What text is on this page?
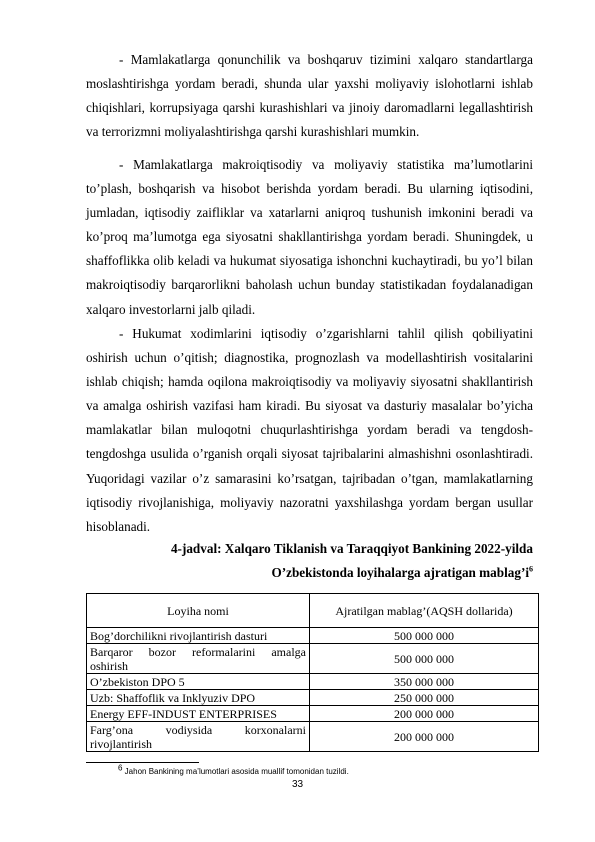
- Mamlakatlarga qonunchilik va boshqaruv tizimini xalqaro standartlarga moslashtirishga yordam beradi, shunda ular yaxshi moliyaviy islohotlarni ishlab chiqishlari, korrupsiyaga qarshi kurashishlari va jinoiy daromadlarni legallashtirish va terrorizmni moliyalashtirishga qarshi kurashishlari mumkin.

- Mamlakatlarga makroiqtisodiy va moliyaviy statistika ma’lumotlarini to’plash, boshqarish va hisobot berishda yordam beradi. Bu ularning iqtisodini, jumladan, iqtisodiy zaifliklar va xatarlarni aniqroq tushunish imkonini beradi va ko’proq ma’lumotga ega siyosatni shakllantirishga yordam beradi. Shuningdek, u shaffoflikka olib keladi va hukumat siyosatiga ishonchni kuchaytiradi, bu yo’l bilan makroiqtisodiy barqarorlikni baholash uchun bunday statistikadan foydalanadigan xalqaro investorlarni jalb qiladi.

- Hukumat xodimlarini iqtisodiy o’zgarishlarni tahlil qilish qobiliyatini oshirish uchun o’qitish; diagnostika, prognozlash va modellashtirish vositalarini ishlab chiqish; hamda oqilona makroiqtisodiy va moliyaviy siyosatni shakllantirish va amalga oshirish vazifasi ham kiradi. Bu siyosat va dasturiy masalalar bo’yicha mamlakatlar bilan muloqotni chuqurlashtirishga yordam beradi va tengdosh-tengdoshga usulida o’rganish orqali siyosat tajribalarini almashishni osonlashtiradi. Yuqoridagi vazilar o’z samarasini ko’rsatgan, tajribadan o’tgan, mamlakatlarning iqtisodiy rivojlanishiga, moliyaviy nazoratni yaxshilashga yordam bergan usullar hisoblanadi.

4-jadval: Xalqaro Tiklanish va Taraqqiyot Bankining 2022-yilda

O’zbekistonda loyihalarga ajratigan $mablag’i^6$

Loyiha nomi	Ajratilgan mablag’(AQSH dollarida)
Bog’dorchilikni rivojlantirish dasturi	500 000 000
Barqaror bozor reformalarini amalga oshirish	500 000 000
O’zbekiston DPO 5	350 000 000
Uzb: Shaffoflik va Inklyuziv DPO	250 000 000
Energy EFF-INDUST ENTERPRISES	200 000 000
Farg’ona vodiysida korxonalarni rivojlantirish	200 000 000

$^6$ Jahon Bankining ma’lumotlari asosida muallif tomonidan tuzildi.

33
